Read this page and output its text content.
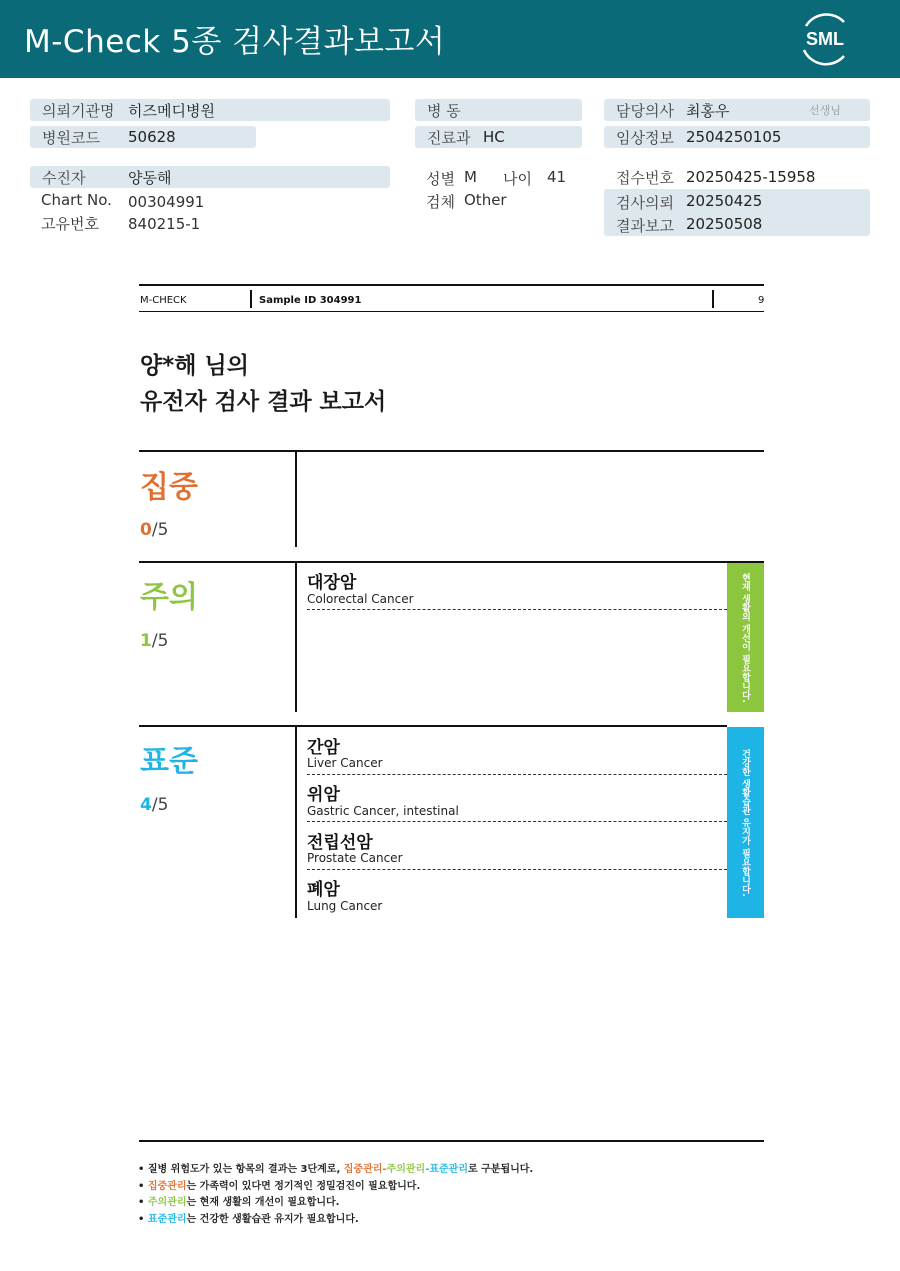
M-Check 5종 검사결과보고서	SML
의뢰기관명 히즈메디병원
병원코드 50628
수진자	양동해
Chart No. 00304991
고유번호 840215-1
병 동
진료과 HC
성별 M 나이 41
검체 Other
담당의사 최홍우	선생님
임상정보 2504250105
접수번호 20250425-15958
검사의뢰 20250425
결과보고 20250508
M-CHECK	Sample ID 304991	9
양*해 님의
유전자 검사 결과 보고서
집중
0/5
주의
1/5
대장암
Colorectal Cancer	현재 생활의 개선이 필요합니다.
표준
4/5
간암
Liver Cancer
위암
Gastric Cancer, intestinal
전립선암
Prostate Cancer
폐암
Lung Cancer
건강한 생활습관 유지가 필요합니다.
• 질병 위험도가 있는 항목의 결과는 3단계로, 집중관리-주의관리-표준관리로 구분됩니다.
• 집중관리는 가족력이 있다면 정기적인 정밀검진이 필요합니다.
• 주의관리는 현재 생활의 개선이 필요합니다.
• 표준관리는 건강한 생활습관 유지가 필요합니다.
